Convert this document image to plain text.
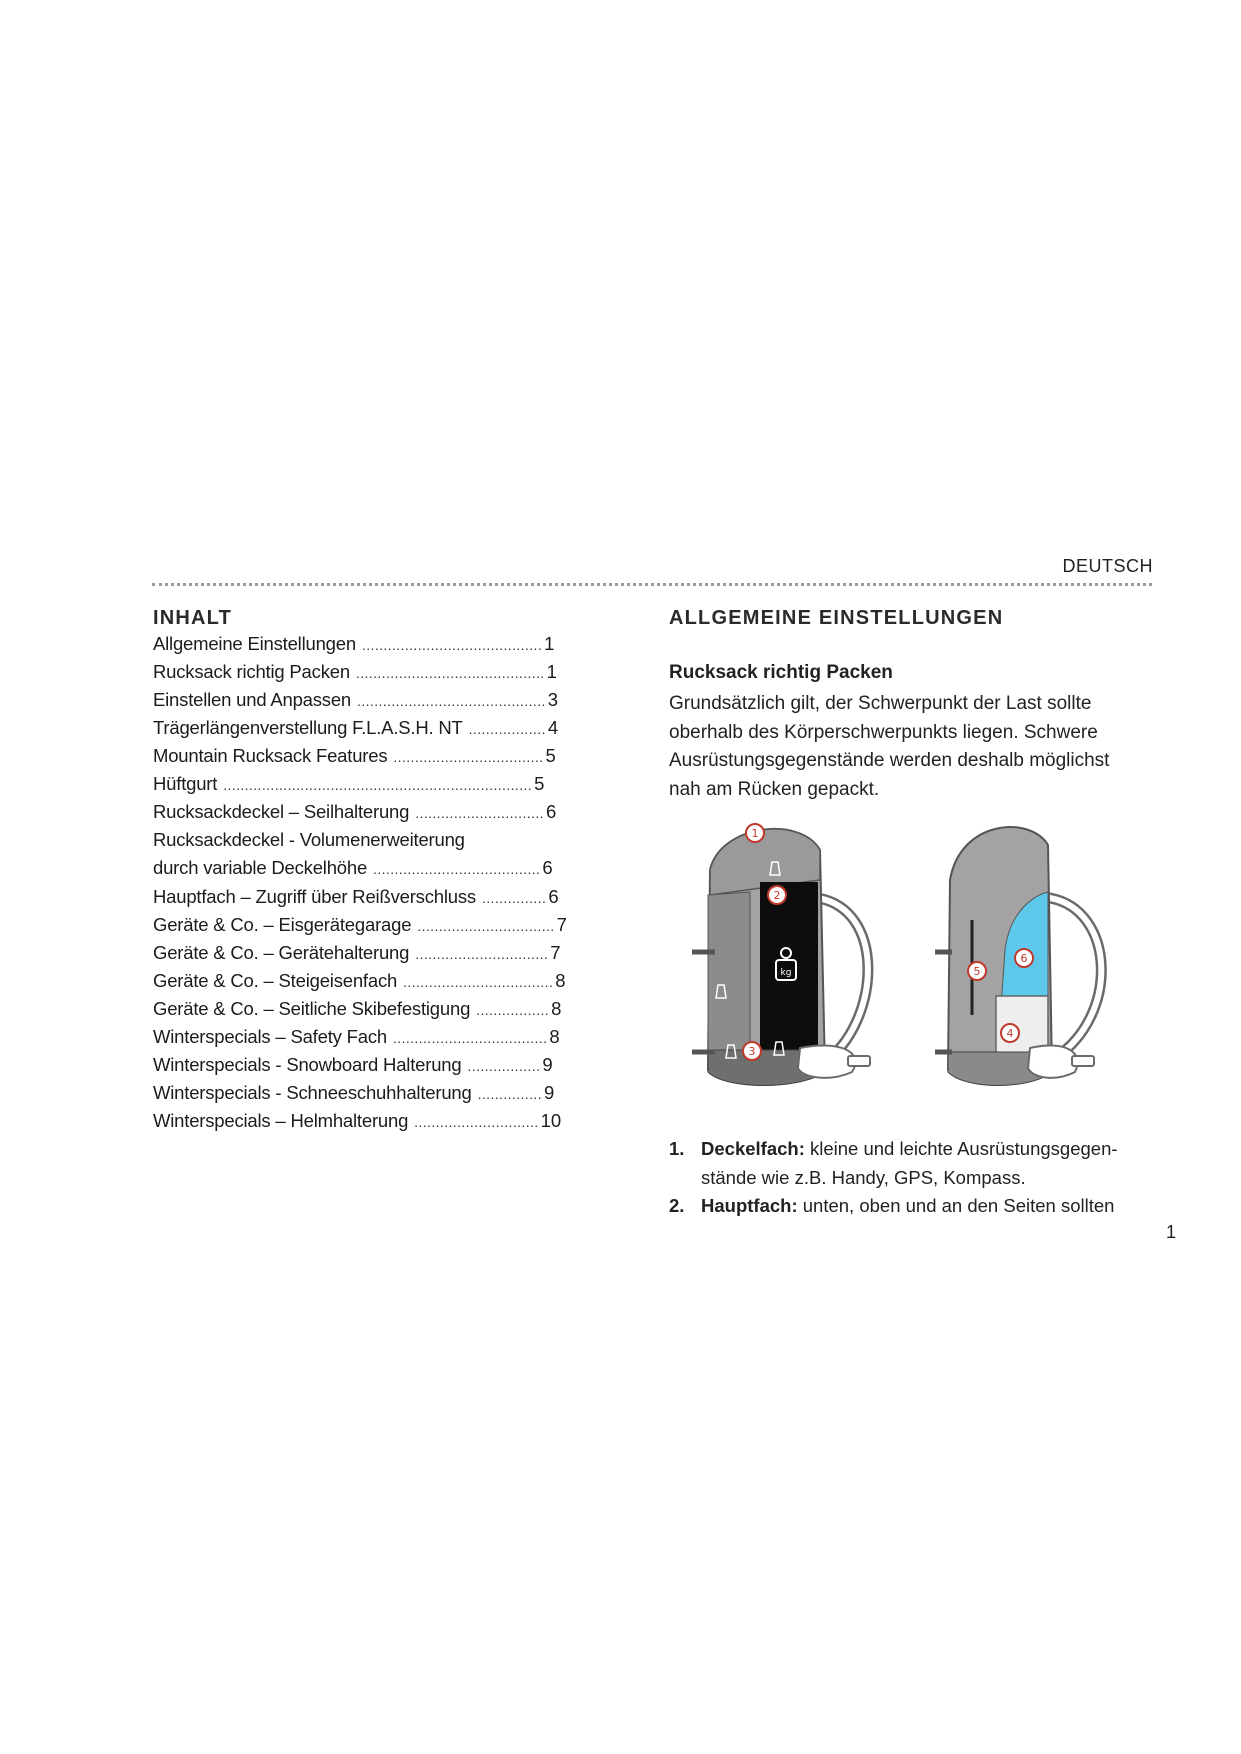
DEUTSCH
INHALT
Allgemeine Einstellungen .......................................... 1
Rucksack richtig Packen ............................................ 1
Einstellen und Anpassen ............................................ 3
Trägerlängenverstellung F.L.A.S.H. NT .................. 4
Mountain Rucksack Features ................................... 5
Hüftgurt ........................................................................ 5
Rucksackdeckel – Seilhalterung .............................. 6
Rucksackdeckel - Volumenerweiterung
durch variable Deckelhöhe ....................................... 6
Hauptfach – Zugriff über Reißverschluss ............... 6
Geräte & Co. – Eisgerätegarage ................................ 7
Geräte & Co. – Gerätehalterung ............................... 7
Geräte & Co. – Steigeisenfach ................................... 8
Geräte & Co. – Seitliche Skibefestigung ................. 8
Winterspecials – Safety Fach .................................... 8
Winterspecials - Snowboard Halterung ................. 9
Winterspecials - Schneeschuhhalterung ............... 9
Winterspecials – Helmhalterung ............................. 10
ALLGEMEINE EINSTELLUNGEN
Rucksack richtig Packen

Grundsätzlich gilt, der Schwerpunkt der Last sollte oberhalb des Körperschwerpunkts liegen. Schwere Ausrüstungsgegenstände werden deshalb möglichst nah am Rücken gepackt.

kg
1
2
3
4
5
6
1. Deckelfach: kleine und leichte Ausrüstungsgegenstände wie z.B. Handy, GPS, Kompass.
2. Hauptfach: unten, oben und an den Seiten sollten
1
